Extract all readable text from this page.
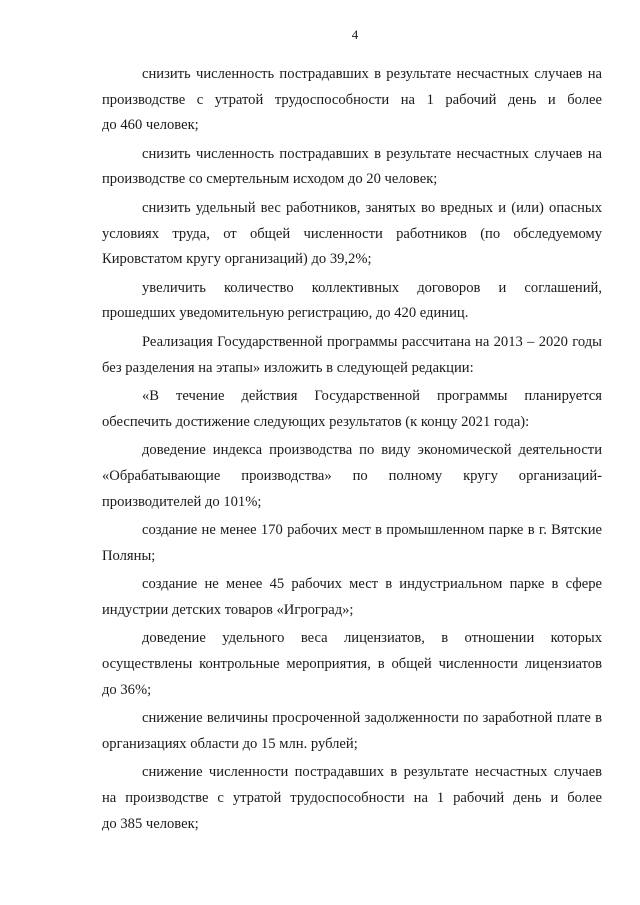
4
снизить численность пострадавших в результате несчастных случаев на
производстве с утратой трудоспособности на 1 рабочий день и более
до 460 человек;
снизить численность пострадавших в результате несчастных случаев на
производстве со смертельным исходом до 20 человек;
снизить удельный вес работников, занятых во вредных и (или) опасных
условиях труда, от общей численности работников (по обследуемому
Кировстатом кругу организаций) до 39,2%;
увеличить количество коллективных договоров и соглашений,
прошедших уведомительную регистрацию, до 420 единиц.
Реализация Государственной программы рассчитана на 2013 – 2020 годы
без разделения на этапы» изложить в следующей редакции:
«В течение действия Государственной программы планируется
обеспечить достижение следующих результатов (к концу 2021 года):
доведение индекса производства по виду экономической деятельности
«Обрабатывающие производства» по полному кругу организаций-
производителей до 101%;
создание не менее 170 рабочих мест в промышленном парке в г. Вятские
Поляны;
создание не менее 45 рабочих мест в индустриальном парке в сфере
индустрии детских товаров «Игроград»;
доведение удельного веса лицензиатов, в отношении которых
осуществлены контрольные мероприятия, в общей численности лицензиатов
до 36%;
снижение величины просроченной задолженности по заработной плате в
организациях области до 15 млн. рублей;
снижение численности пострадавших в результате несчастных случаев
на производстве с утратой трудоспособности на 1 рабочий день и более
до 385 человек;
